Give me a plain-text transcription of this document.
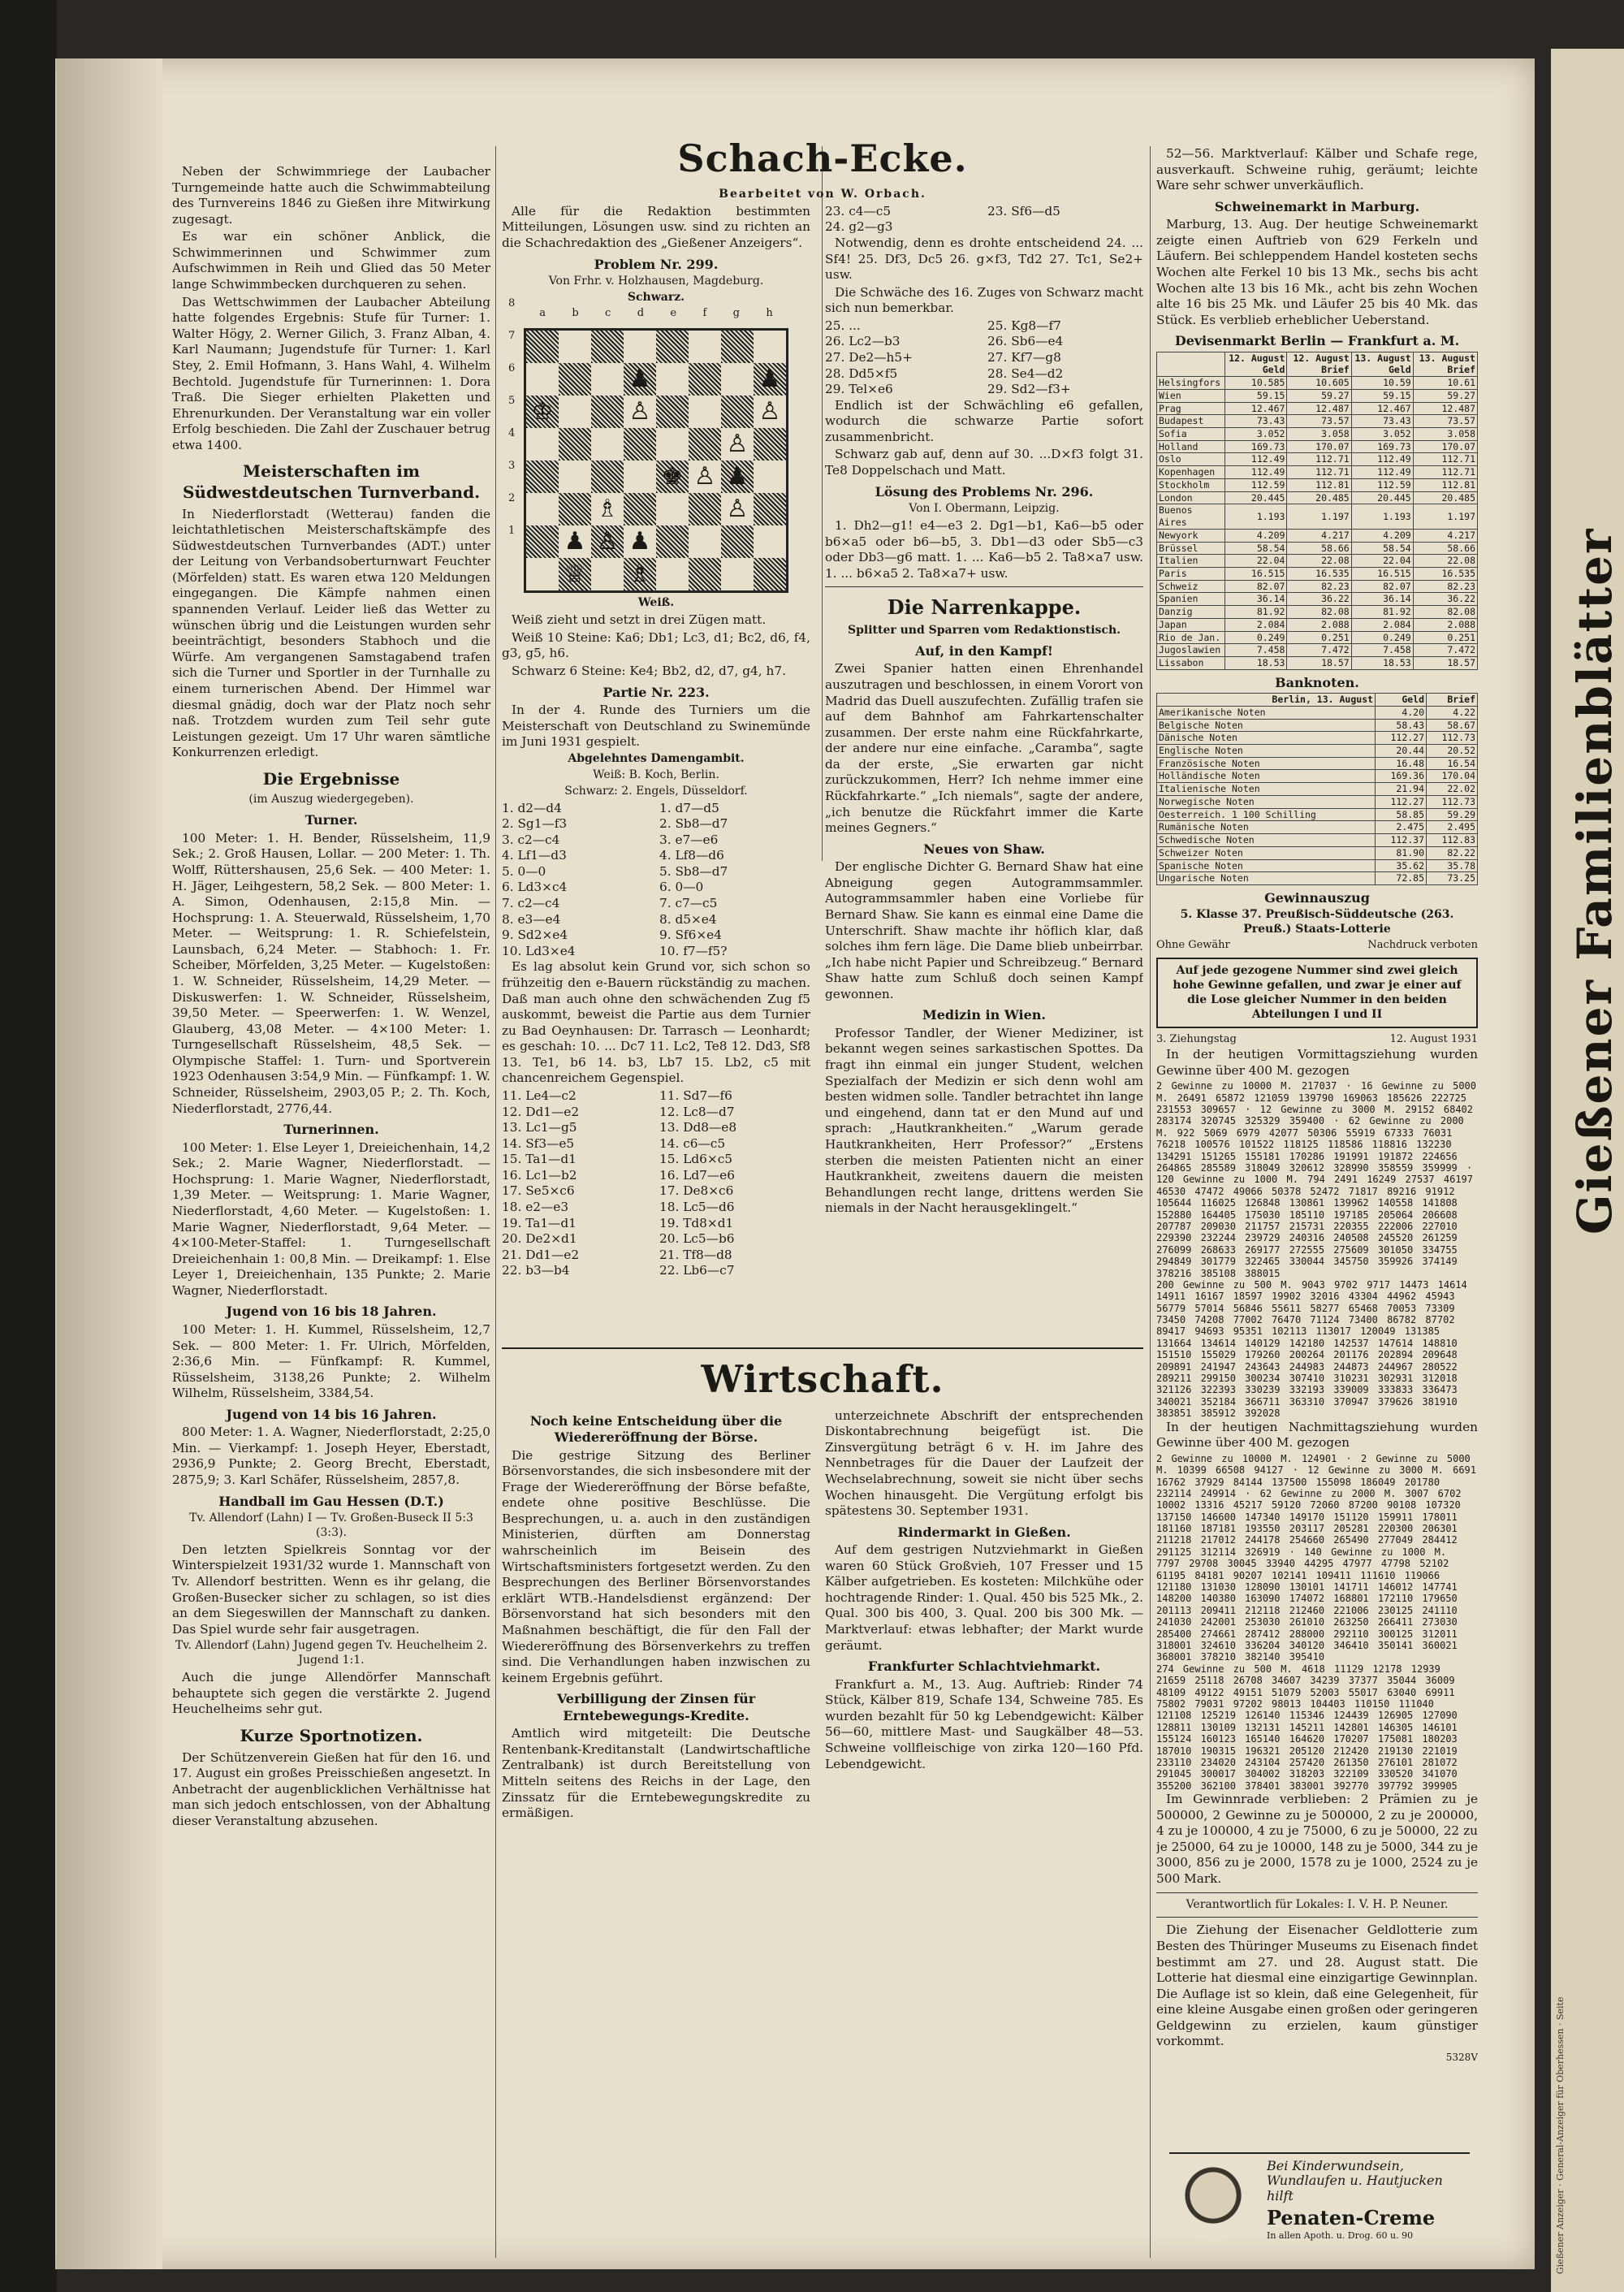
Neben der Schwimmriege der Laubacher Turngemeinde hatte auch die Schwimmabteilung des Turnvereins 1846 zu Gießen ihre Mitwirkung zugesagt.

Es war ein schöner Anblick, die Schwimmerinnen und Schwimmer zum Aufschwimmen in Reih und Glied das 50 Meter lange Schwimmbecken durchqueren zu sehen.

Das Wettschwimmen der Laubacher Abteilung hatte folgendes Ergebnis: Stufe für Turner: 1. Walter Högy, 2. Werner Gilich, 3. Franz Alban, 4. Karl Naumann; Jugendstufe für Turner: 1. Karl Stey, 2. Emil Hofmann, 3. Hans Wahl, 4. Wilhelm Bechtold. Jugendstufe für Turnerinnen: 1. Dora Traß. Die Sieger erhielten Plaketten und Ehrenurkunden. Der Veranstaltung war ein voller Erfolg beschieden. Die Zahl der Zuschauer betrug etwa 1400.

Meisterschaften im Südwestdeutschen Turnverband.

In Niederflorstadt (Wetterau) fanden die leichtathletischen Meisterschaftskämpfe des Südwestdeutschen Turnverbandes (ADT.) unter der Leitung von Verbandsoberturnwart Feuchter (Mörfelden) statt. Es waren etwa 120 Meldungen eingegangen. Die Kämpfe nahmen einen spannenden Verlauf. Leider ließ das Wetter zu wünschen übrig und die Leistungen wurden sehr beeinträchtigt, besonders Stabhoch und die Würfe. Am vergangenen Samstagabend trafen sich die Turner und Sportler in der Turnhalle zu einem turnerischen Abend. Der Himmel war diesmal gnädig, doch war der Platz noch sehr naß. Trotzdem wurden zum Teil sehr gute Leistungen gezeigt. Um 17 Uhr waren sämtliche Konkurrenzen erledigt.

Die Ergebnisse
(im Auszug wiedergegeben).
Turner.

100 Meter: 1. H. Bender, Rüsselsheim, 11,9 Sek.; 2. Groß Hausen, Lollar. — 200 Meter: 1. Th. Wolff, Rüttershausen, 25,6 Sek. — 400 Meter: 1. H. Jäger, Leihgestern, 58,2 Sek. — 800 Meter: 1. A. Simon, Odenhausen, 2:15,8 Min. — Hochsprung: 1. A. Steuerwald, Rüsselsheim, 1,70 Meter. — Weitsprung: 1. R. Schiefelstein, Launsbach, 6,24 Meter. — Stabhoch: 1. Fr. Scheiber, Mörfelden, 3,25 Meter. — Kugelstoßen: 1. W. Schneider, Rüsselsheim, 14,29 Meter. — Diskuswerfen: 1. W. Schneider, Rüsselsheim, 39,50 Meter. — Speerwerfen: 1. W. Wenzel, Glauberg, 43,08 Meter. — 4×100 Meter: 1. Turngesellschaft Rüsselsheim, 48,5 Sek. — Olympische Staffel: 1. Turn- und Sportverein 1923 Odenhausen 3:54,9 Min. — Fünfkampf: 1. W. Schneider, Rüsselsheim, 2903,05 P.; 2. Th. Koch, Niederflorstadt, 2776,44.

Turnerinnen.

100 Meter: 1. Else Leyer 1, Dreieichenhain, 14,2 Sek.; 2. Marie Wagner, Niederflorstadt. — Hochsprung: 1. Marie Wagner, Niederflorstadt, 1,39 Meter. — Weitsprung: 1. Marie Wagner, Niederflorstadt, 4,60 Meter. — Kugelstoßen: 1. Marie Wagner, Niederflorstadt, 9,64 Meter. — 4×100-Meter-Staffel: 1. Turngesellschaft Dreieichenhain 1: 00,8 Min. — Dreikampf: 1. Else Leyer 1, Dreieichenhain, 135 Punkte; 2. Marie Wagner, Niederflorstadt.

Jugend von 16 bis 18 Jahren.

100 Meter: 1. H. Kummel, Rüsselsheim, 12,7 Sek. — 800 Meter: 1. Fr. Ulrich, Mörfelden, 2:36,6 Min. — Fünfkampf: R. Kummel, Rüsselsheim, 3138,26 Punkte; 2. Wilhelm Wilhelm, Rüsselsheim, 3384,54.

Jugend von 14 bis 16 Jahren.

800 Meter: 1. A. Wagner, Niederflorstadt, 2:25,0 Min. — Vierkampf: 1. Joseph Heyer, Eberstadt, 2936,9 Punkte; 2. Georg Brecht, Eberstadt, 2875,9; 3. Karl Schäfer, Rüsselsheim, 2857,8.

Handball im Gau Hessen (D.T.)
Tv. Allendorf (Lahn) I — Tv. Großen-Buseck II 5:3 (3:3).

Den letzten Spielkreis Sonntag vor der Winterspielzeit 1931/32 wurde 1. Mannschaft von Tv. Allendorf bestritten. Wenn es ihr gelang, die Großen-Busecker sicher zu schlagen, so ist dies an dem Siegeswillen der Mannschaft zu danken. Das Spiel wurde sehr fair ausgetragen.

Tv. Allendorf (Lahn) Jugend gegen Tv. Heuchelheim 2. Jugend 1:1.

Auch die junge Allendörfer Mannschaft behauptete sich gegen die verstärkte 2. Jugend Heuchelheims sehr gut.

Kurze Sportnotizen.

Der Schützenverein Gießen hat für den 16. und 17. August ein großes Preisschießen angesetzt. In Anbetracht der augenblicklichen Verhältnisse hat man sich jedoch entschlossen, von der Abhaltung dieser Veranstaltung abzusehen.

Schach-Ecke.
Bearbeitet von W. Orbach.

Alle für die Redaktion bestimmten Mitteilungen, Lösungen usw. sind zu richten an die Schachredaktion des „Gießener Anzeigers“.

Problem Nr. 299.
Von Frhr. v. Holzhausen, Magdeburg.
Schwarz.
a b c d e f g h
8
7
6
5
4
3
2
1
♟	♟
♔	♙	♙
♙
♚ ♙ ♟
♗	♙
♟ ♙ ♟
♕ ♗
Weiß.

Weiß zieht und setzt in drei Zügen matt.

Weiß 10 Steine: Ka6; Db1; Lc3, d1; Bc2, d6, f4, g3, g5, h6.

Schwarz 6 Steine: Ke4; Bb2, d2, d7, g4, h7.

Partie Nr. 223.

In der 4. Runde des Turniers um die Meisterschaft von Deutschland zu Swinemünde im Juni 1931 gespielt.

Abgelehntes Damengambit.
Weiß: B. Koch, Berlin.
Schwarz: 2. Engels, Düsseldorf.
1. d2—d4	1. d7—d5
2. Sg1—f3	2. Sb8—d7
3. c2—c4	3. e7—e6
4. Lf1—d3	4. Lf8—d6
5. 0—0	5. Sb8—d7
6. Ld3×c4	6. 0—0
7. c2—c4	7. c7—c5
8. e3—e4	8. d5×e4
9. Sd2×e4	9. Sf6×e4
10. Ld3×e4	10. f7—f5?

Es lag absolut kein Grund vor, sich schon so frühzeitig den e-Bauern rückständig zu machen. Daß man auch ohne den schwächenden Zug f5 auskommt, beweist die Partie aus dem Turnier zu Bad Oeynhausen: Dr. Tarrasch — Leonhardt; es geschah: 10. ... Dc7 11. Lc2, Te8 12. Dd3, Sf8 13. Te1, b6 14. b3, Lb7 15. Lb2, c5 mit chancenreichem Gegenspiel.

11. Le4—c2	11. Sd7—f6
12. Dd1—e2	12. Lc8—d7
13. Lc1—g5	13. Dd8—e8
14. Sf3—e5	14. c6—c5
15. Ta1—d1	15. Ld6×c5
16. Lc1—b2	16. Ld7—e6
17. Se5×c6	17. De8×c6
18. e2—e3	18. Lc5—d6
19. Ta1—d1	19. Td8×d1
20. De2×d1	20. Lc5—b6
21. Dd1—e2	21. Tf8—d8
22. b3—b4	22. Lb6—c7
23. c4—c5	23. Sf6—d5
24. g2—g3

Notwendig, denn es drohte entscheidend 24. ... Sf4! 25. Df3, Dc5 26. g×f3, Td2 27. Tc1, Se2+ usw.

Die Schwäche des 16. Zuges von Schwarz macht sich nun bemerkbar.

25. ...	25. Kg8—f7
26. Lc2—b3	26. Sb6—e4
27. De2—h5+	27. Kf7—g8
28. Dd5×f5	28. Se4—d2
29. Tel×e6	29. Sd2—f3+

Endlich ist der Schwächling e6 gefallen, wodurch die schwarze Partie sofort zusammenbricht.

Schwarz gab auf, denn auf 30. ...D×f3 folgt 31. Te8 Doppelschach und Matt.

Lösung des Problems Nr. 296.
Von I. Obermann, Leipzig.

1. Dh2—g1! e4—e3 2. Dg1—b1, Ka6—b5 oder b6×a5 oder b6—b5, 3. Db1—d3 oder Sb5—c3 oder Db3—g6 matt. 1. ... Ka6—b5 2. Ta8×a7 usw. 1. ... b6×a5 2. Ta8×a7+ usw.

Die Narrenkappe.
Splitter und Sparren vom Redaktionstisch.
Auf, in den Kampf!

Zwei Spanier hatten einen Ehrenhandel auszutragen und beschlossen, in einem Vorort von Madrid das Duell auszufechten. Zufällig trafen sie auf dem Bahnhof am Fahrkartenschalter zusammen. Der erste nahm eine Rückfahrkarte, der andere nur eine einfache. „Caramba“, sagte da der erste, „Sie erwarten gar nicht zurückzukommen, Herr? Ich nehme immer eine Rückfahrkarte.“ „Ich niemals“, sagte der andere, „ich benutze die Rückfahrt immer die Karte meines Gegners.“

Neues von Shaw.

Der englische Dichter G. Bernard Shaw hat eine Abneigung gegen Autogrammsammler. Autogrammsammler haben eine Vorliebe für Bernard Shaw. Sie kann es einmal eine Dame die Unterschrift. Shaw machte ihr höflich klar, daß solches ihm fern läge. Die Dame blieb unbeirrbar. „Ich habe nicht Papier und Schreibzeug.“ Bernard Shaw hatte zum Schluß doch seinen Kampf gewonnen.

Medizin in Wien.

Professor Tandler, der Wiener Mediziner, ist bekannt wegen seines sarkastischen Spottes. Da fragt ihn einmal ein junger Student, welchen Spezialfach der Medizin er sich denn wohl am besten widmen solle. Tandler betrachtet ihn lange und eingehend, dann tat er den Mund auf und sprach: „Hautkrankheiten.“ „Warum gerade Hautkrankheiten, Herr Professor?“ „Erstens sterben die meisten Patienten nicht an einer Hautkrankheit, zweitens dauern die meisten Behandlungen recht lange, drittens werden Sie niemals in der Nacht herausgeklingelt.“

Wirtschaft.
Noch keine Entscheidung über die Wiedereröffnung der Börse.

Die gestrige Sitzung des Berliner Börsenvorstandes, die sich insbesondere mit der Frage der Wiedereröffnung der Börse befaßte, endete ohne positive Beschlüsse. Die Besprechungen, u. a. auch in den zuständigen Ministerien, dürften am Donnerstag wahrscheinlich im Beisein des Wirtschaftsministers fortgesetzt werden. Zu den Besprechungen des Berliner Börsenvorstandes erklärt WTB.-Handelsdienst ergänzend: Der Börsenvorstand hat sich besonders mit den Maßnahmen beschäftigt, die für den Fall der Wiedereröffnung des Börsenverkehrs zu treffen sind. Die Verhandlungen haben inzwischen zu keinem Ergebnis geführt.

Verbilligung der Zinsen für Erntebewegungs-Kredite.

Amtlich wird mitgeteilt: Die Deutsche Rentenbank-Kreditanstalt (Landwirtschaftliche Zentralbank) ist durch Bereitstellung von Mitteln seitens des Reichs in der Lage, den Zinssatz für die Erntebewegungskredite zu ermäßigen.

unterzeichnete Abschrift der entsprechenden Diskontabrechnung beigefügt ist. Die Zinsvergütung beträgt 6 v. H. im Jahre des Nennbetrages für die Dauer der Laufzeit der Wechselabrechnung, soweit sie nicht über sechs Wochen hinausgeht. Die Vergütung erfolgt bis spätestens 30. September 1931.

Rindermarkt in Gießen.

Auf dem gestrigen Nutzviehmarkt in Gießen waren 60 Stück Großvieh, 107 Fresser und 15 Kälber aufgetrieben. Es kosteten: Milchkühe oder hochtragende Rinder: 1. Qual. 450 bis 525 Mk., 2. Qual. 300 bis 400, 3. Qual. 200 bis 300 Mk. — Marktverlauf: etwas lebhafter; der Markt wurde geräumt.

Frankfurter Schlachtviehmarkt.

Frankfurt a. M., 13. Aug. Auftrieb: Rinder 74 Stück, Kälber 819, Schafe 134, Schweine 785. Es wurden bezahlt für 50 kg Lebendgewicht: Kälber 56—60, mittlere Mast- und Saugkälber 48—53. Schweine vollfleischige von zirka 120—160 Pfd. Lebendgewicht.

52—56. Marktverlauf: Kälber und Schafe rege, ausverkauft. Schweine ruhig, geräumt; leichte Ware sehr schwer unverkäuflich.

Schweinemarkt in Marburg.

Marburg, 13. Aug. Der heutige Schweinemarkt zeigte einen Auftrieb von 629 Ferkeln und Läufern. Bei schleppendem Handel kosteten sechs Wochen alte Ferkel 10 bis 13 Mk., sechs bis acht Wochen alte 13 bis 16 Mk., acht bis zehn Wochen alte 16 bis 25 Mk. und Läufer 25 bis 40 Mk. das Stück. Es verblieb erheblicher Ueberstand.

Devisenmarkt Berlin — Frankfurt a. M.
	12. August Geld	12. August Brief	13. August Geld	13. August Brief
Helsingfors	10.585	10.605	10.59	10.61
Wien	59.15	59.27	59.15	59.27
Prag	12.467	12.487	12.467	12.487
Budapest	73.43	73.57	73.43	73.57
Sofia	3.052	3.058	3.052	3.058
Holland	169.73	170.07	169.73	170.07
Oslo	112.49	112.71	112.49	112.71
Kopenhagen	112.49	112.71	112.49	112.71
Stockholm	112.59	112.81	112.59	112.81
London	20.445	20.485	20.445	20.485
Buenos Aires	1.193	1.197	1.193	1.197
Newyork	4.209	4.217	4.209	4.217
Brüssel	58.54	58.66	58.54	58.66
Italien	22.04	22.08	22.04	22.08
Paris	16.515	16.535	16.515	16.535
Schweiz	82.07	82.23	82.07	82.23
Spanien	36.14	36.22	36.14	36.22
Danzig	81.92	82.08	81.92	82.08
Japan	2.084	2.088	2.084	2.088
Rio de Jan.	0.249	0.251	0.249	0.251
Jugoslawien	7.458	7.472	7.458	7.472
Lissabon	18.53	18.57	18.53	18.57
Banknoten.
Berlin, 13. August	Geld	Brief
Amerikanische Noten	4.20	4.22
Belgische Noten	58.43	58.67
Dänische Noten	112.27	112.73
Englische Noten	20.44	20.52
Französische Noten	16.48	16.54
Holländische Noten	169.36	170.04
Italienische Noten	21.94	22.02
Norwegische Noten	112.27	112.73
Oesterreich. 1 100 Schilling	58.85	59.29
Rumänische Noten	2.475	2.495
Schwedische Noten	112.37	112.83
Schweizer Noten	81.90	82.22
Spanische Noten	35.62	35.78
Ungarische Noten	72.85	73.25
Gewinnauszug
5. Klasse 37. Preußisch-Süddeutsche (263. Preuß.) Staats-Lotterie
Ohne Gewähr	Nachdruck verboten
Auf jede gezogene Nummer sind zwei gleich hohe Gewinne gefallen, und zwar je einer auf die Lose gleicher Nummer in den beiden Abteilungen I und II
3. Ziehungstag	12. August 1931

In der heutigen Vormittagsziehung wurden Gewinne über 400 M. gezogen

2 Gewinne zu 10000 M. 217037 · 16 Gewinne zu 5000 M. 26491 65872 121059 139790 169063 185626 222725 231553 309657 · 12 Gewinne zu 3000 M. 29152 68402 283174 320745 325329 359400 · 62 Gewinne zu 2000 M. 922 5069 6979 42077 50306 55919 67333 76031 76218 100576 101522 118125 118586 118816 132230 134291 151265 155181 170286 191991 191872 224656 264865 285589 318049 320612 328990 358559 359999 · 120 Gewinne zu 1000 M. 794 2491 16249 27537 46197 46530 47472 49066 50378 52472 71817 89216 91912 105644 116025 126848 130861 139962 140558 141808 152880 164405 175030 185110 197185 205064 206608 207787 209030 211757 215731 220355 222006 227010 229390 232244 239729 240316 240508 245520 261259 276099 268633 269177 272555 275609 301050 334755 294849 301779 322465 330044 345750 359926 374149 378216 385108 388015
200 Gewinne zu 500 M. 9043 9702 9717 14473 14614 14911 16167 18597 19902 32016 43304 44962 45943 56779 57014 56846 55611 58277 65468 70053 73309 73450 74208 77002 76470 71124 73400 86782 87702 89417 94693 95351 102113 113017 120049 131385 131664 134614 140129 142180 142537 147614 148810 151510 155029 179260 200264 201176 202894 209648 209891 241947 243643 244983 244873 244967 280522 289211 299150 300234 307410 310231 302931 312018 321126 322393 330239 332193 339009 333833 336473 340021 352184 366711 363310 370947 379626 381910 383851 385912 392028

In der heutigen Nachmittagsziehung wurden Gewinne über 400 M. gezogen

2 Gewinne zu 10000 M. 124901 · 2 Gewinne zu 5000 M. 10399 66508 94127 · 12 Gewinne zu 3000 M. 6691 16762 37929 84144 137500 155098 186049 201780 232114 249914 · 62 Gewinne zu 2000 M. 3007 6702 10002 13316 45217 59120 72060 87200 90108 107320 137150 146600 147340 149170 151120 159911 178011 181160 187181 193550 203117 205281 220300 206301 211218 217012 244178 254660 265490 277049 284412 291125 312114 326919 · 140 Gewinne zu 1000 M. 7797 29708 30045 33940 44295 47977 47798 52102 61195 84181 90207 102141 109411 111610 119066 121180 131030 128090 130101 141711 146012 147741 148200 140380 163090 174072 168801 172110 179650 201113 209411 212118 212460 221006 230125 241110 241030 242001 253030 261010 263250 266411 273030 285400 274661 287412 288000 292110 300125 312011 318001 324610 336204 340120 346410 350141 360021 368001 378210 382140 395410
274 Gewinne zu 500 M. 4618 11129 12178 12939 21659 25118 26708 34607 34239 37377 35044 36009 48109 49122 49151 51079 52003 55017 63040 69911 75802 79031 97202 98013 104403 110150 111040 121108 125219 126140 115346 124439 126905 127090 128811 130109 132131 145211 142801 146305 146101 155124 160123 165140 164620 170207 175081 180203 187010 190315 196321 205120 212420 219130 221019 233110 234020 243104 257420 261350 276101 281072 291045 300017 304002 318203 322109 330520 341070 355200 362100 378401 383001 392770 397792 399905

Im Gewinnrade verblieben: 2 Prämien zu je 500000, 2 Gewinne zu je 500000, 2 zu je 200000, 4 zu je 100000, 4 zu je 75000, 6 zu je 50000, 22 zu je 25000, 64 zu je 10000, 148 zu je 5000, 344 zu je 3000, 856 zu je 2000, 1578 zu je 1000, 2524 zu je 500 Mark.

Verantwortlich für Lokales: I. V. H. P. Neuner.

Die Ziehung der Eisenacher Geldlotterie zum Besten des Thüringer Museums zu Eisenach findet bestimmt am 27. und 28. August statt. Die Lotterie hat diesmal eine einzigartige Gewinnplan. Die Auflage ist so klein, daß eine Gelegenheit, für eine kleine Ausgabe einen großen oder geringeren Geldgewinn zu erzielen, kaum günstiger vorkommt.

5328V
Bei Kinderwundsein, Wundlaufen u. Hautjucken hilft
Penaten-Creme
In allen Apoth. u. Drog. 60 u. 90
Gießener Familienblätter
Gießener Anzeiger · General-Anzeiger für Oberhessen · Seite
